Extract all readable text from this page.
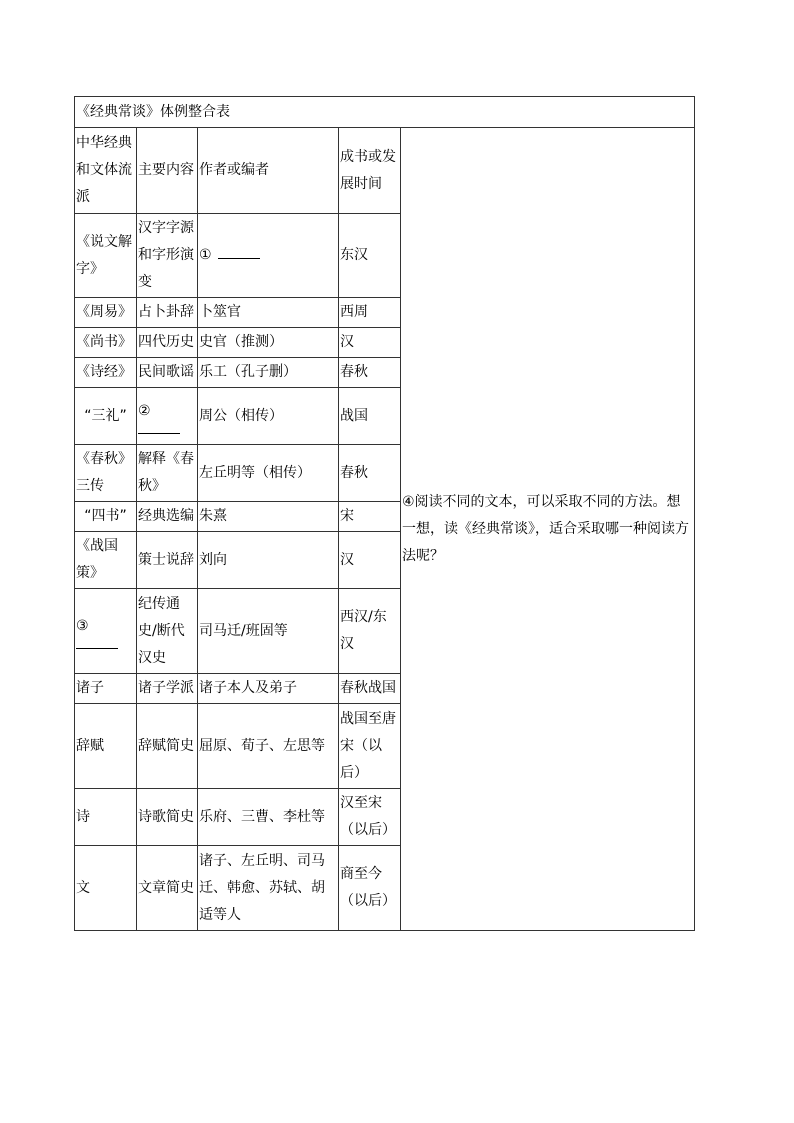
《经典常谈》体例整合表				
中华经典和文体流派	主要内容	作者或编者	成书或发展时间	④阅读不同的文本，可以采取不同的方法。想一想，读《经典常谈》，适合采取哪一种阅读方法呢？
《说文解字》	汉字字源和字形演变	①	东汉	
《周易》	占卜卦辞	卜筮官	西周	
《尚书》	四代历史	史官（推测）	汉	
《诗经》	民间歌谣	乐工（孔子删）	春秋	
“三礼”	②	周公（相传）	战国	
《春秋》三传	解释《春秋》	左丘明等（相传）	春秋	
“四书”	经典选编	朱熹	宋	
《战国策》	策士说辞	刘向	汉	
③	纪传通史/断代汉史	司马迁/班固等	西汉/东汉	
诸子	诸子学派	诸子本人及弟子	春秋战国	
辞赋	辞赋简史	屈原、荀子、左思等	战国至唐宋（以后）	
诗	诗歌简史	乐府、三曹、李杜等	汉至宋（以后）	
文	文章简史	诸子、左丘明、司马迁、韩愈、苏轼、胡适等人	商至今（以后）	
